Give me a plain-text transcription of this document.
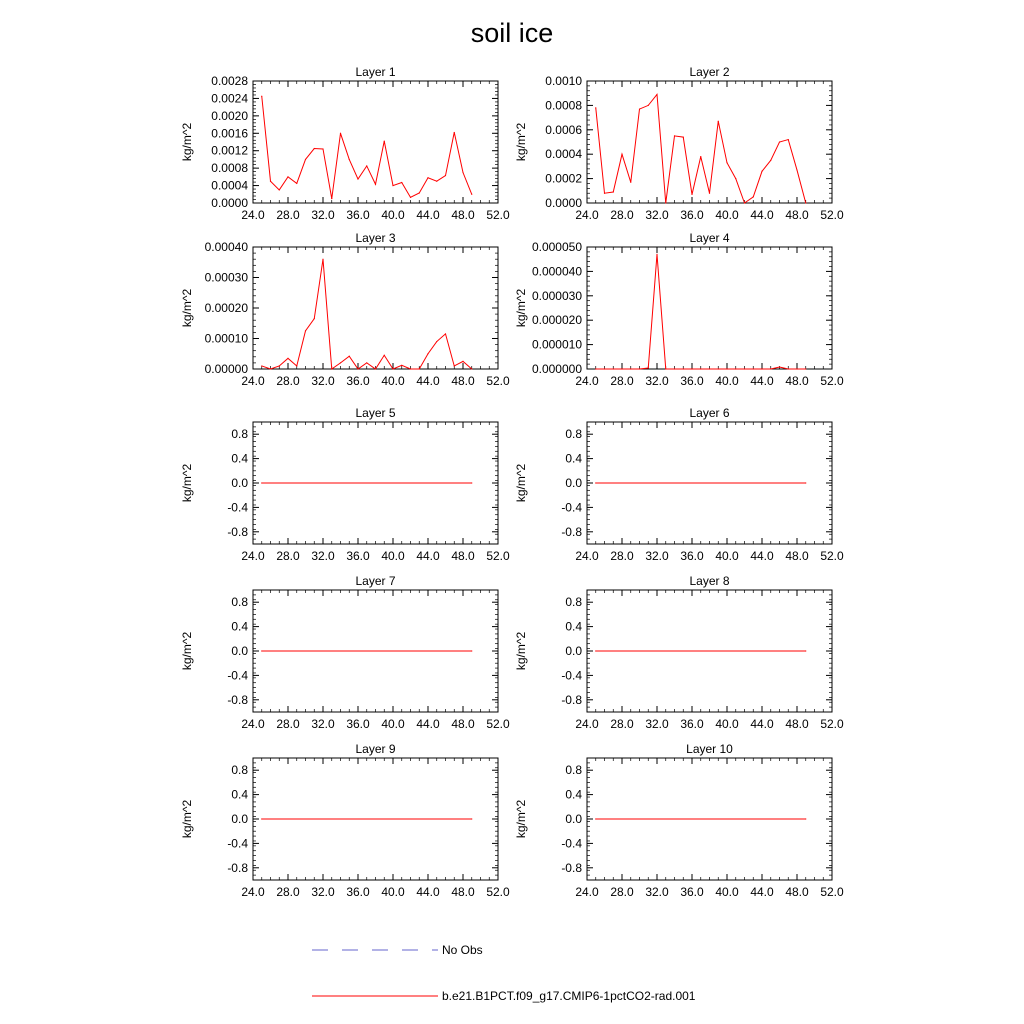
soil ice
Layer 1
24.0 28.0 32.0 36.0 40.0 44.0 48.0 52.0
0.0000
0.0004
0.0008
0.0012
0.0016
0.0020
0.0024
0.0028
kg/m^2
Layer 2
24.0 28.0 32.0 36.0 40.0 44.0 48.0 52.0
0.0000
0.0002
0.0004
0.0006
0.0008
0.0010
kg/m^2
Layer 3
24.0 28.0 32.0 36.0 40.0 44.0 48.0 52.0
0.00000
0.00010
0.00020
0.00030
0.00040
kg/m^2
Layer 4
24.0 28.0 32.0 36.0 40.0 44.0 48.0 52.0
0.000000
0.000010
0.000020
0.000030
0.000040
0.000050
kg/m^2
Layer 5
24.0 28.0 32.0 36.0 40.0 44.0 48.0 52.0
-0.8
-0.4
0.0
0.4
0.8
kg/m^2
Layer 6
24.0 28.0 32.0 36.0 40.0 44.0 48.0 52.0
-0.8
-0.4
0.0
0.4
0.8
kg/m^2
Layer 7
24.0 28.0 32.0 36.0 40.0 44.0 48.0 52.0
-0.8
-0.4
0.0
0.4
0.8
kg/m^2
Layer 8
24.0 28.0 32.0 36.0 40.0 44.0 48.0 52.0
-0.8
-0.4
0.0
0.4
0.8
kg/m^2
Layer 9
24.0 28.0 32.0 36.0 40.0 44.0 48.0 52.0
-0.8
-0.4
0.0
0.4
0.8
kg/m^2
Layer 10
24.0 28.0 32.0 36.0 40.0 44.0 48.0 52.0
-0.8
-0.4
0.0
0.4
0.8
kg/m^2
No Obs
b.e21.B1PCT.f09_g17.CMIP6-1pctCO2-rad.001
